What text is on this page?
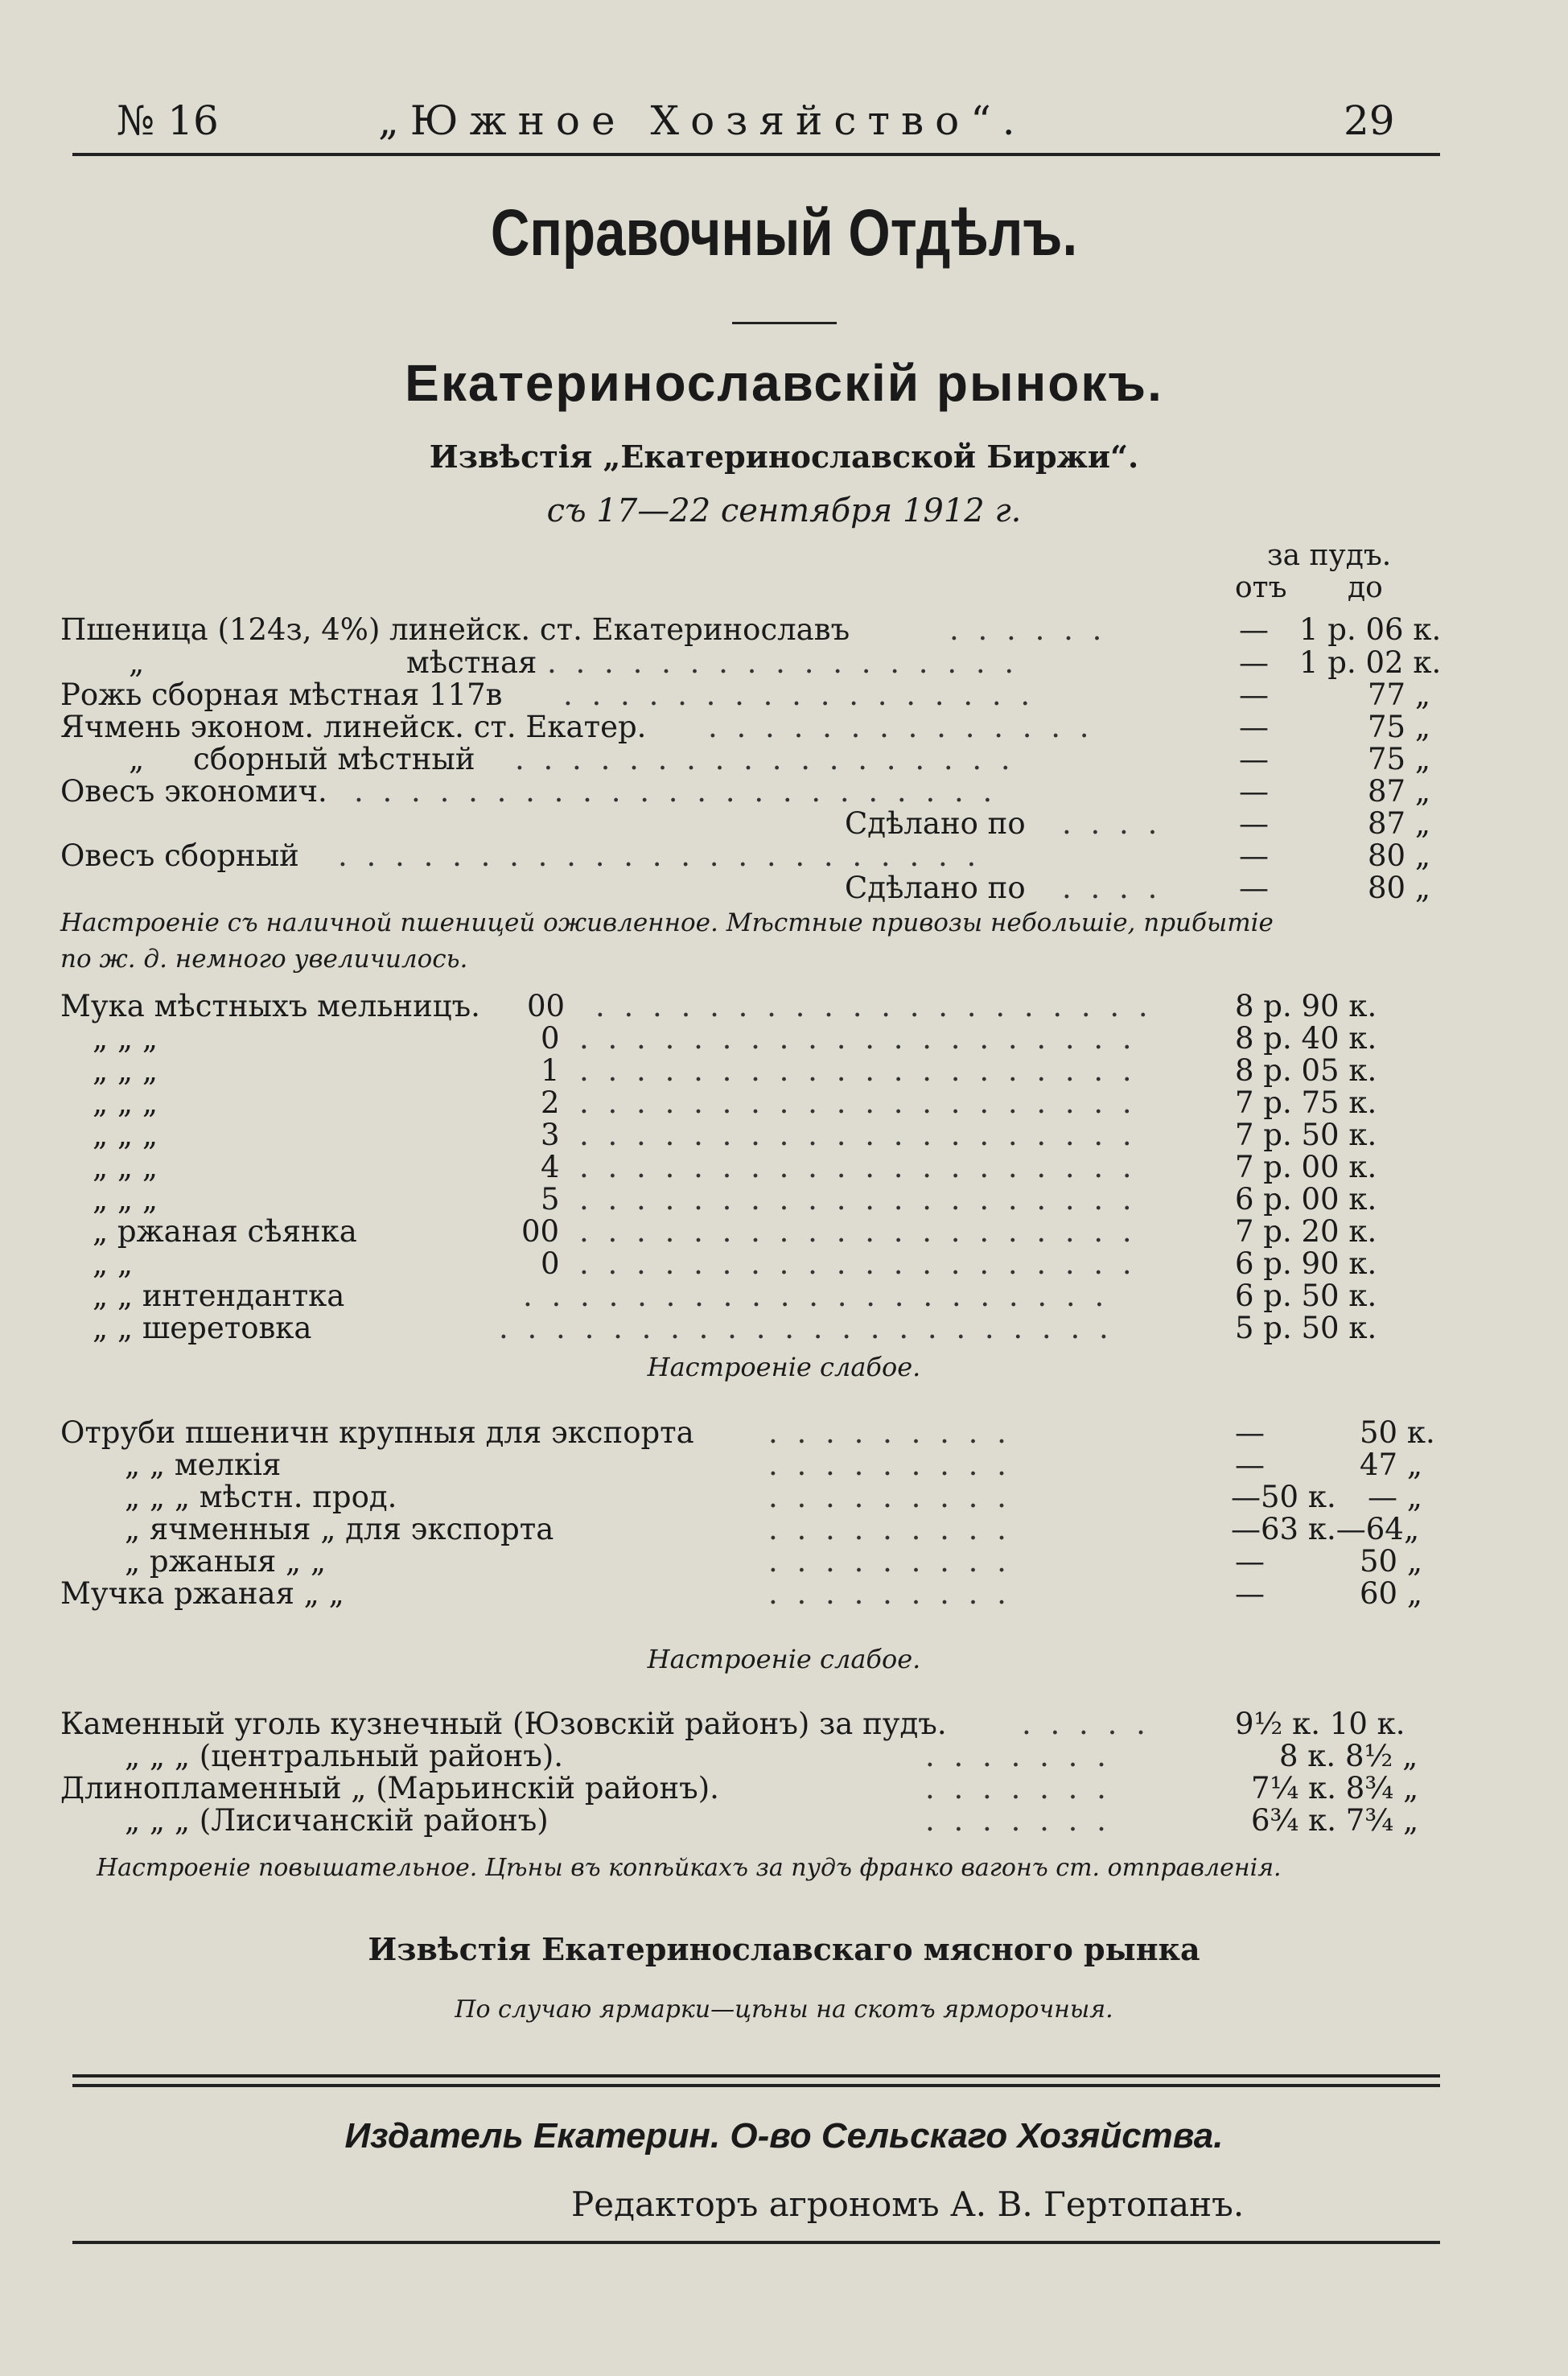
№ 16	„Южное Хозяйство“.	29
Справочный Отдѣлъ.
Екатеринославскій рынокъ.
Извѣстія „Екатеринославской Биржи“.
съ 17—22 сентября 1912 г.
за пудъ.
отъ до
Пшеница (124з, 4%) линейск. ст. Екатеринославъ	. . . . . .	— 1 р. 06 к.
„	мѣстная . . . . . . . . . . . . . . . . .	— 1 р. 02 к.
Рожь сборная мѣстная 117в . . . . . . . . . . . . . . . . .	—	77 „
Ячмень эконом. линейск. ст. Екатер. . . . . . . . . . . . . . .	—	75 „
„ сборный мѣстный . . . . . . . . . . . . . . . . . .	—	75 „
Овесъ экономич. . . . . . . . . . . . . . . . . . . . . . . .	—	87 „
Сдѣлано по . . . .	—	87 „
Овесъ сборный . . . . . . . . . . . . . . . . . . . . . . .	—	80 „
Сдѣлано по . . . .	—	80 „
Настроеніе съ наличной пшеницей оживленное. Мѣстные привозы небольшіе, прибытіе
по ж. д. немного увеличилось.
Мука мѣстныхъ мельницъ. 00 . . . . . . . . . . . . . . . . . . . .	8 р. 90 к.
„ „ „	0 . . . . . . . . . . . . . . . . . . . .	8 р. 40 к.
„ „ „	1 . . . . . . . . . . . . . . . . . . . .	8 р. 05 к.
„ „ „	2 . . . . . . . . . . . . . . . . . . . .	7 р. 75 к.
„ „ „	3 . . . . . . . . . . . . . . . . . . . .	7 р. 50 к.
„ „ „	4 . . . . . . . . . . . . . . . . . . . .	7 р. 00 к.
„ „ „	5 . . . . . . . . . . . . . . . . . . . .	6 р. 00 к.
„ ржаная сѣянка	00 . . . . . . . . . . . . . . . . . . . .	7 р. 20 к.
„ „	0 . . . . . . . . . . . . . . . . . . . .	6 р. 90 к.
„ „ интендантка	. . . . . . . . . . . . . . . . . . . . .	6 р. 50 к.
„ „ шеретовка	. . . . . . . . . . . . . . . . . . . . . .	5 р. 50 к.
Настроеніе слабое.
Отруби пшеничн крупныя для экспорта . . . . . . . . .	—	50 к.
„ „ мелкія	. . . . . . . . .	—	47 „
„ „ „ мѣстн. прод.	. . . . . . . . .	—50 к. — „
„ ячменныя „ для экспорта	. . . . . . . . .	—63 к.—64 „
„ ржаныя „ „	. . . . . . . . .	—	50 „
Мучка ржаная „ „	. . . . . . . . .	—	60 „
Настроеніе слабое.
Каменный уголь кузнечный (Юзовскій районъ) за пудъ.	. . . . .	9½ к. 10 к.
„ „ „ (центральный районъ).	. . . . . . .	8 к. 8½ „
Длинопламенный „ (Марьинскій районъ).	. . . . . . .	7¼ к. 8¾ „
„ „ „ (Лисичанскій районъ)	. . . . . . .	6¾ к. 7¾ „
Настроеніе повышательное. Цѣны въ копѣйкахъ за пудъ франко вагонъ ст. отправленія.
Извѣстія Екатеринославскаго мясного рынка
По случаю ярмарки—цѣны на скотъ ярморочныя.
Издатель Екатерин. О-во Сельскаго Хозяйства.
Редакторъ агрономъ А. В. Гертопанъ.
